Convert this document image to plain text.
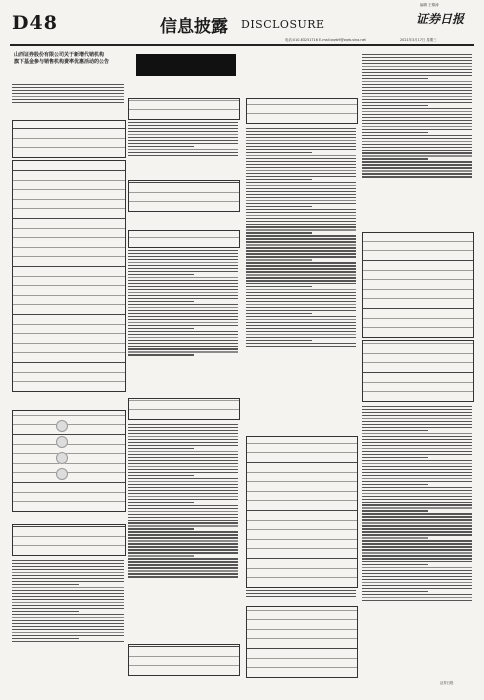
D48	信息披露 DISCLOSURE
编辑 王锦涛
证券日报
电话:010-83251716 E-mail:zqrb9@zqrb.sina.net	2021年3月17日 星期三
山西证券股份有限公司关于新增代销机构
旗下基金参与销售机构费率优惠活动的公告
证券日报
